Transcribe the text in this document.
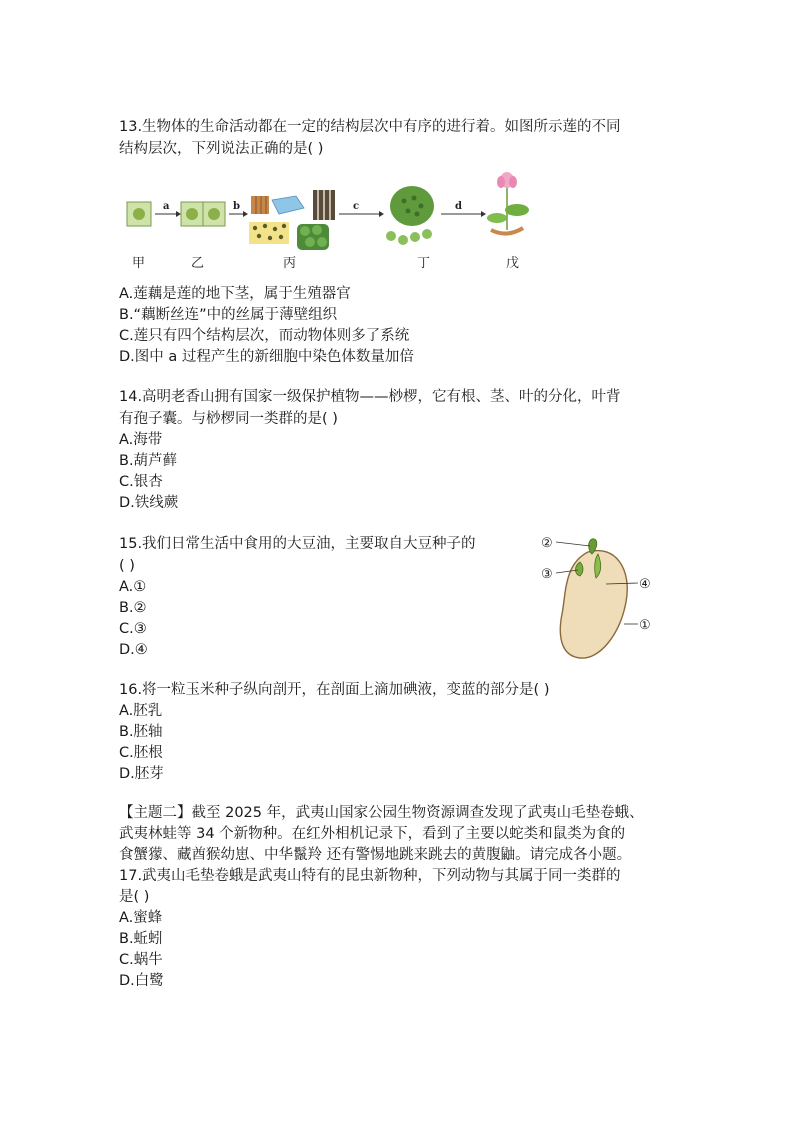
13.生物体的生命活动都在一定的结构层次中有序的进行着。如图所示莲的不同
结构层次，下列说法正确的是( )
a	b	c	d
甲	乙	丙	丁	戊
A.莲藕是莲的地下茎，属于生殖器官
B.“藕断丝连”中的丝属于薄壁组织
C.莲只有四个结构层次，而动物体则多了系统
D.图中 a 过程产生的新细胞中染色体数量加倍
14.高明老香山拥有国家一级保护植物——桫椤，它有根、茎、叶的分化，叶背
有孢子囊。与桫椤同一类群的是( )
A.海带
B.葫芦藓
C.银杏
D.铁线蕨
15.我们日常生活中食用的大豆油，主要取自大豆种子的
( )
A.①
B.②
C.③
D.④
②
③
④
①
16.将一粒玉米种子纵向剖开，在剖面上滴加碘液，变蓝的部分是( )
A.胚乳
B.胚轴
C.胚根
D.胚芽
【主题二】截至 2025 年，武夷山国家公园生物资源调查发现了武夷山毛垫卷蛾、
武夷林蛙等 34 个新物种。在红外相机记录下，看到了主要以蛇类和鼠类为食的
食蟹獴、藏酋猴幼崽、中华鬣羚 还有警惕地跳来跳去的黄腹鼬。请完成各小题。
17.武夷山毛垫卷蛾是武夷山特有的昆虫新物种，下列动物与其属于同一类群的
是( )
A.蜜蜂
B.蚯蚓
C.蜗牛
D.白鹭
